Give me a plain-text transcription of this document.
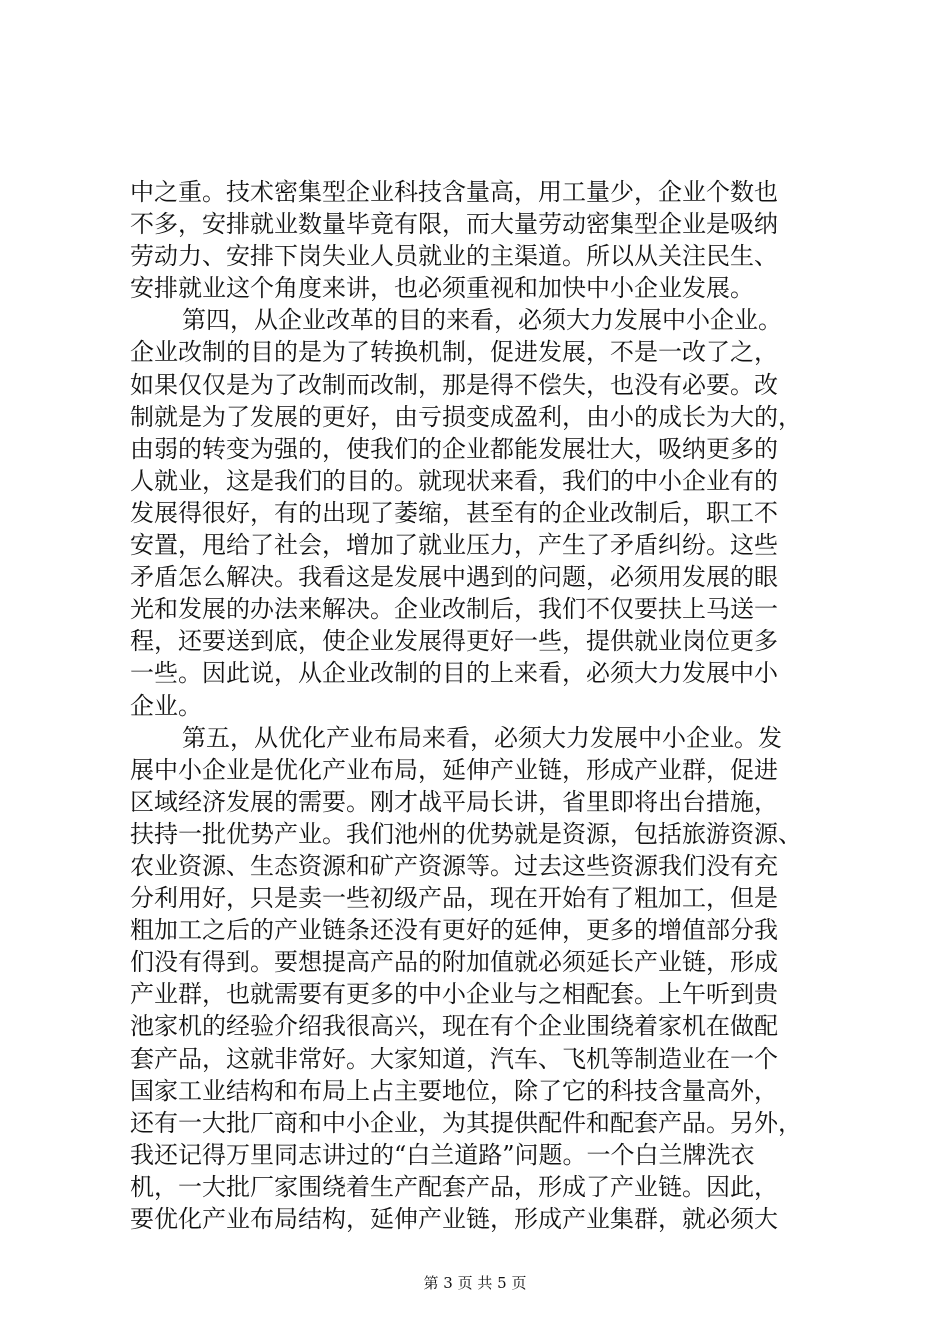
中之重。技术密集型企业科技含量高，用工量少，企业个数也
不多，安排就业数量毕竟有限，而大量劳动密集型企业是吸纳
劳动力、安排下岗失业人员就业的主渠道。所以从关注民生、
安排就业这个角度来讲，也必须重视和加快中小企业发展。
第四，从企业改革的目的来看，必须大力发展中小企业。
企业改制的目的是为了转换机制，促进发展，不是一改了之，
如果仅仅是为了改制而改制，那是得不偿失，也没有必要。改
制就是为了发展的更好，由亏损变成盈利，由小的成长为大的，
由弱的转变为强的，使我们的企业都能发展壮大，吸纳更多的
人就业，这是我们的目的。就现状来看，我们的中小企业有的
发展得很好，有的出现了萎缩，甚至有的企业改制后，职工不
安置，甩给了社会，增加了就业压力，产生了矛盾纠纷。这些
矛盾怎么解决。我看这是发展中遇到的问题，必须用发展的眼
光和发展的办法来解决。企业改制后，我们不仅要扶上马送一
程，还要送到底，使企业发展得更好一些，提供就业岗位更多
一些。因此说，从企业改制的目的上来看，必须大力发展中小
企业。
第五，从优化产业布局来看，必须大力发展中小企业。发
展中小企业是优化产业布局，延伸产业链，形成产业群，促进
区域经济发展的需要。刚才战平局长讲，省里即将出台措施，
扶持一批优势产业。我们池州的优势就是资源，包括旅游资源、
农业资源、生态资源和矿产资源等。过去这些资源我们没有充
分利用好，只是卖一些初级产品，现在开始有了粗加工，但是
粗加工之后的产业链条还没有更好的延伸，更多的增值部分我
们没有得到。要想提高产品的附加值就必须延长产业链，形成
产业群，也就需要有更多的中小企业与之相配套。上午听到贵
池家机的经验介绍我很高兴，现在有个企业围绕着家机在做配
套产品，这就非常好。大家知道，汽车、飞机等制造业在一个
国家工业结构和布局上占主要地位，除了它的科技含量高外，
还有一大批厂商和中小企业，为其提供配件和配套产品。另外，
我还记得万里同志讲过的“白兰道路”问题。一个白兰牌洗衣
机，一大批厂家围绕着生产配套产品，形成了产业链。因此，
要优化产业布局结构，延伸产业链，形成产业集群，就必须大
第 3 页 共 5 页
